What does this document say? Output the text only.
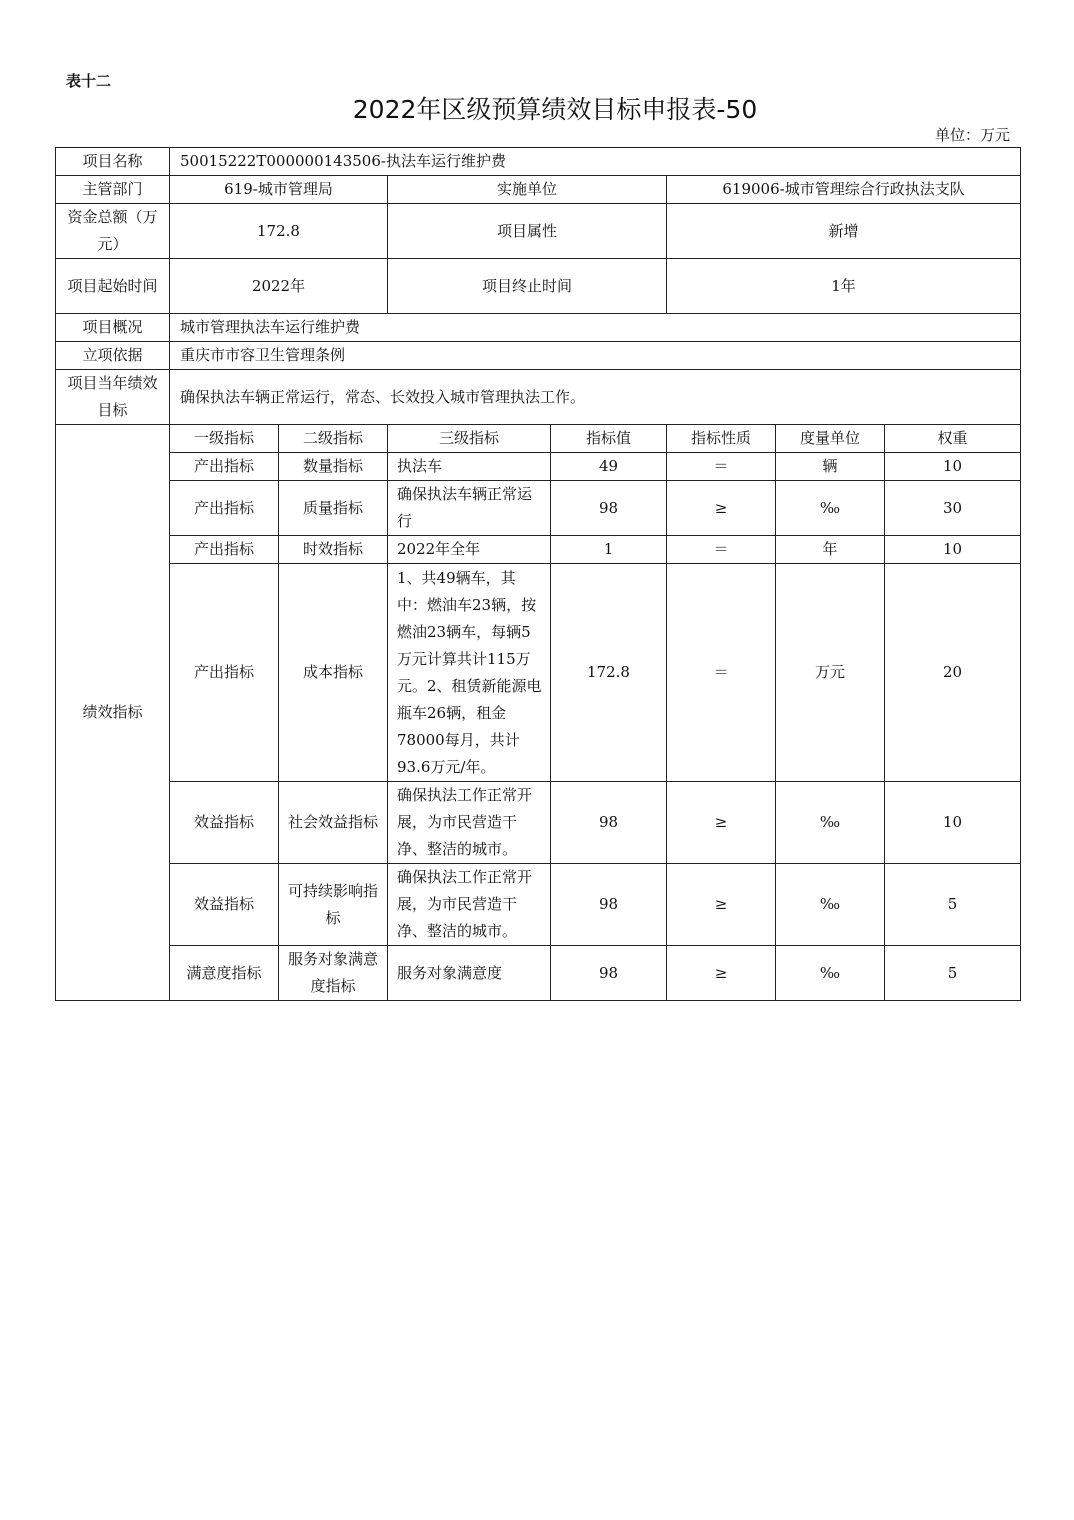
表十二
2022年区级预算绩效目标申报表-50
单位：万元
项目名称	50015222T000000143506-执法车运行维护费						
主管部门	619-城市管理局		实施单位		619006-城市管理综合行政执法支队		
资金总额（万元）	172.8		项目属性		新增		
项目起始时间	2022年		项目终止时间		1年		
项目概况	城市管理执法车运行维护费						
立项依据	重庆市市容卫生管理条例						
项目当年绩效目标	确保执法车辆正常运行，常态、长效投入城市管理执法工作。						
绩效指标	一级指标	二级指标	三级指标	指标值	指标性质	度量单位	权重
	产出指标	数量指标	执法车	49	＝	辆	10
	产出指标	质量指标	确保执法车辆正常运行	98	≥	‰	30
	产出指标	时效指标	2022年全年	1	＝	年	10
	产出指标	成本指标	1、共49辆车，其中：燃油车23辆，按燃油23辆车，每辆5万元计算共计115万元。2、租赁新能源电瓶车26辆，租金78000每月，共计93.6万元/年。	172.8	＝	万元	20
	效益指标	社会效益指标	确保执法工作正常开展，为市民营造干净、整洁的城市。	98	≥	‰	10
	效益指标	可持续影响指标	确保执法工作正常开展，为市民营造干净、整洁的城市。	98	≥	‰	5
	满意度指标	服务对象满意度指标	服务对象满意度	98	≥	‰	5
